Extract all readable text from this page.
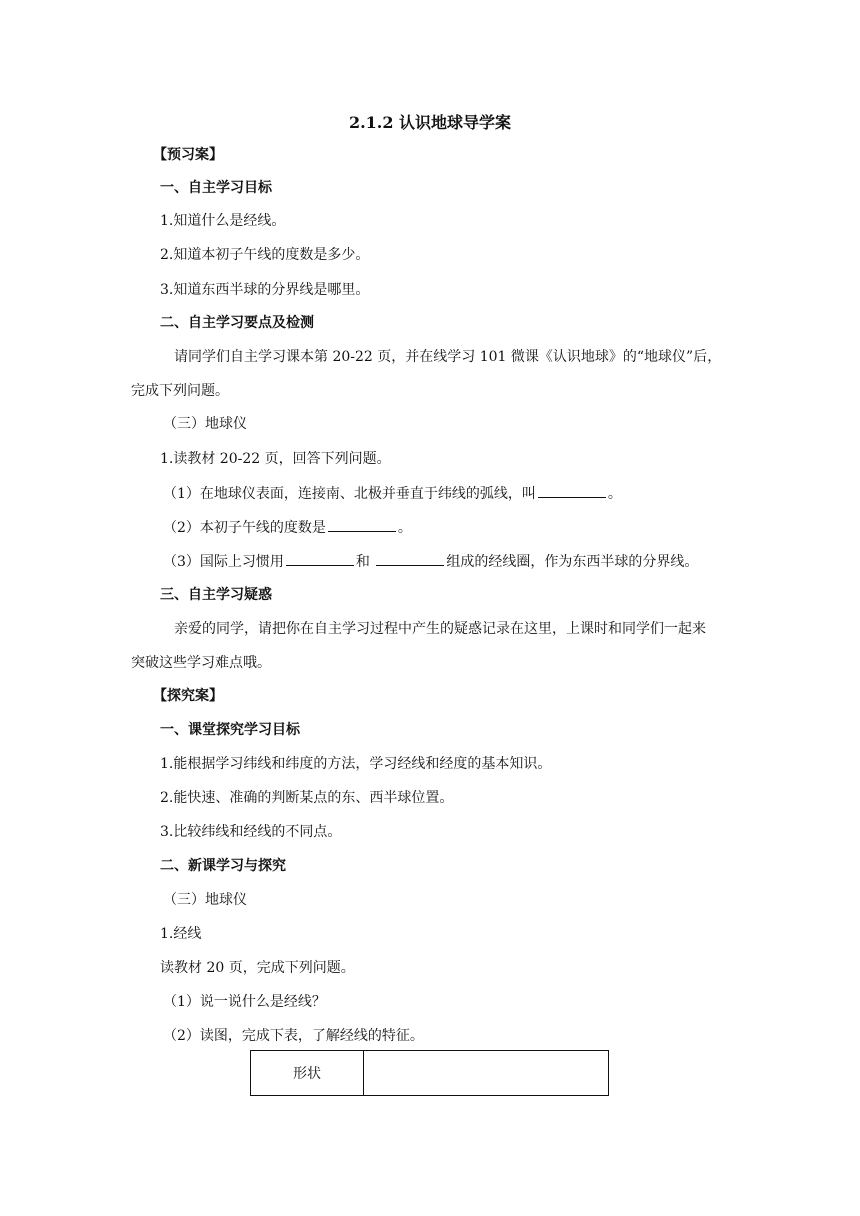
2.1.2 认识地球导学案
【预习案】
一、自主学习目标
1.知道什么是经线。
2.知道本初子午线的度数是多少。
3.知道东西半球的分界线是哪里。
二、自主学习要点及检测
请同学们自主学习课本第 20-22 页，并在线学习 101 微课《认识地球》的“地球仪”后，
完成下列问题。
（三）地球仪
1.读教材 20-22 页，回答下列问题。
（1）在地球仪表面，连接南、北极并垂直于纬线的弧线，叫	。
（2）本初子午线的度数是	。
（3）国际上习惯用	和	组成的经线圈，作为东西半球的分界线。
三、自主学习疑惑
亲爱的同学，请把你在自主学习过程中产生的疑惑记录在这里，上课时和同学们一起来
突破这些学习难点哦。
【探究案】
一、课堂探究学习目标
1.能根据学习纬线和纬度的方法，学习经线和经度的基本知识。
2.能快速、准确的判断某点的东、西半球位置。
3.比较纬线和经线的不同点。
二、新课学习与探究
（三）地球仪
1.经线
读教材 20 页，完成下列问题。
（1）说一说什么是经线？
（2）读图，完成下表，了解经线的特征。
形状	
